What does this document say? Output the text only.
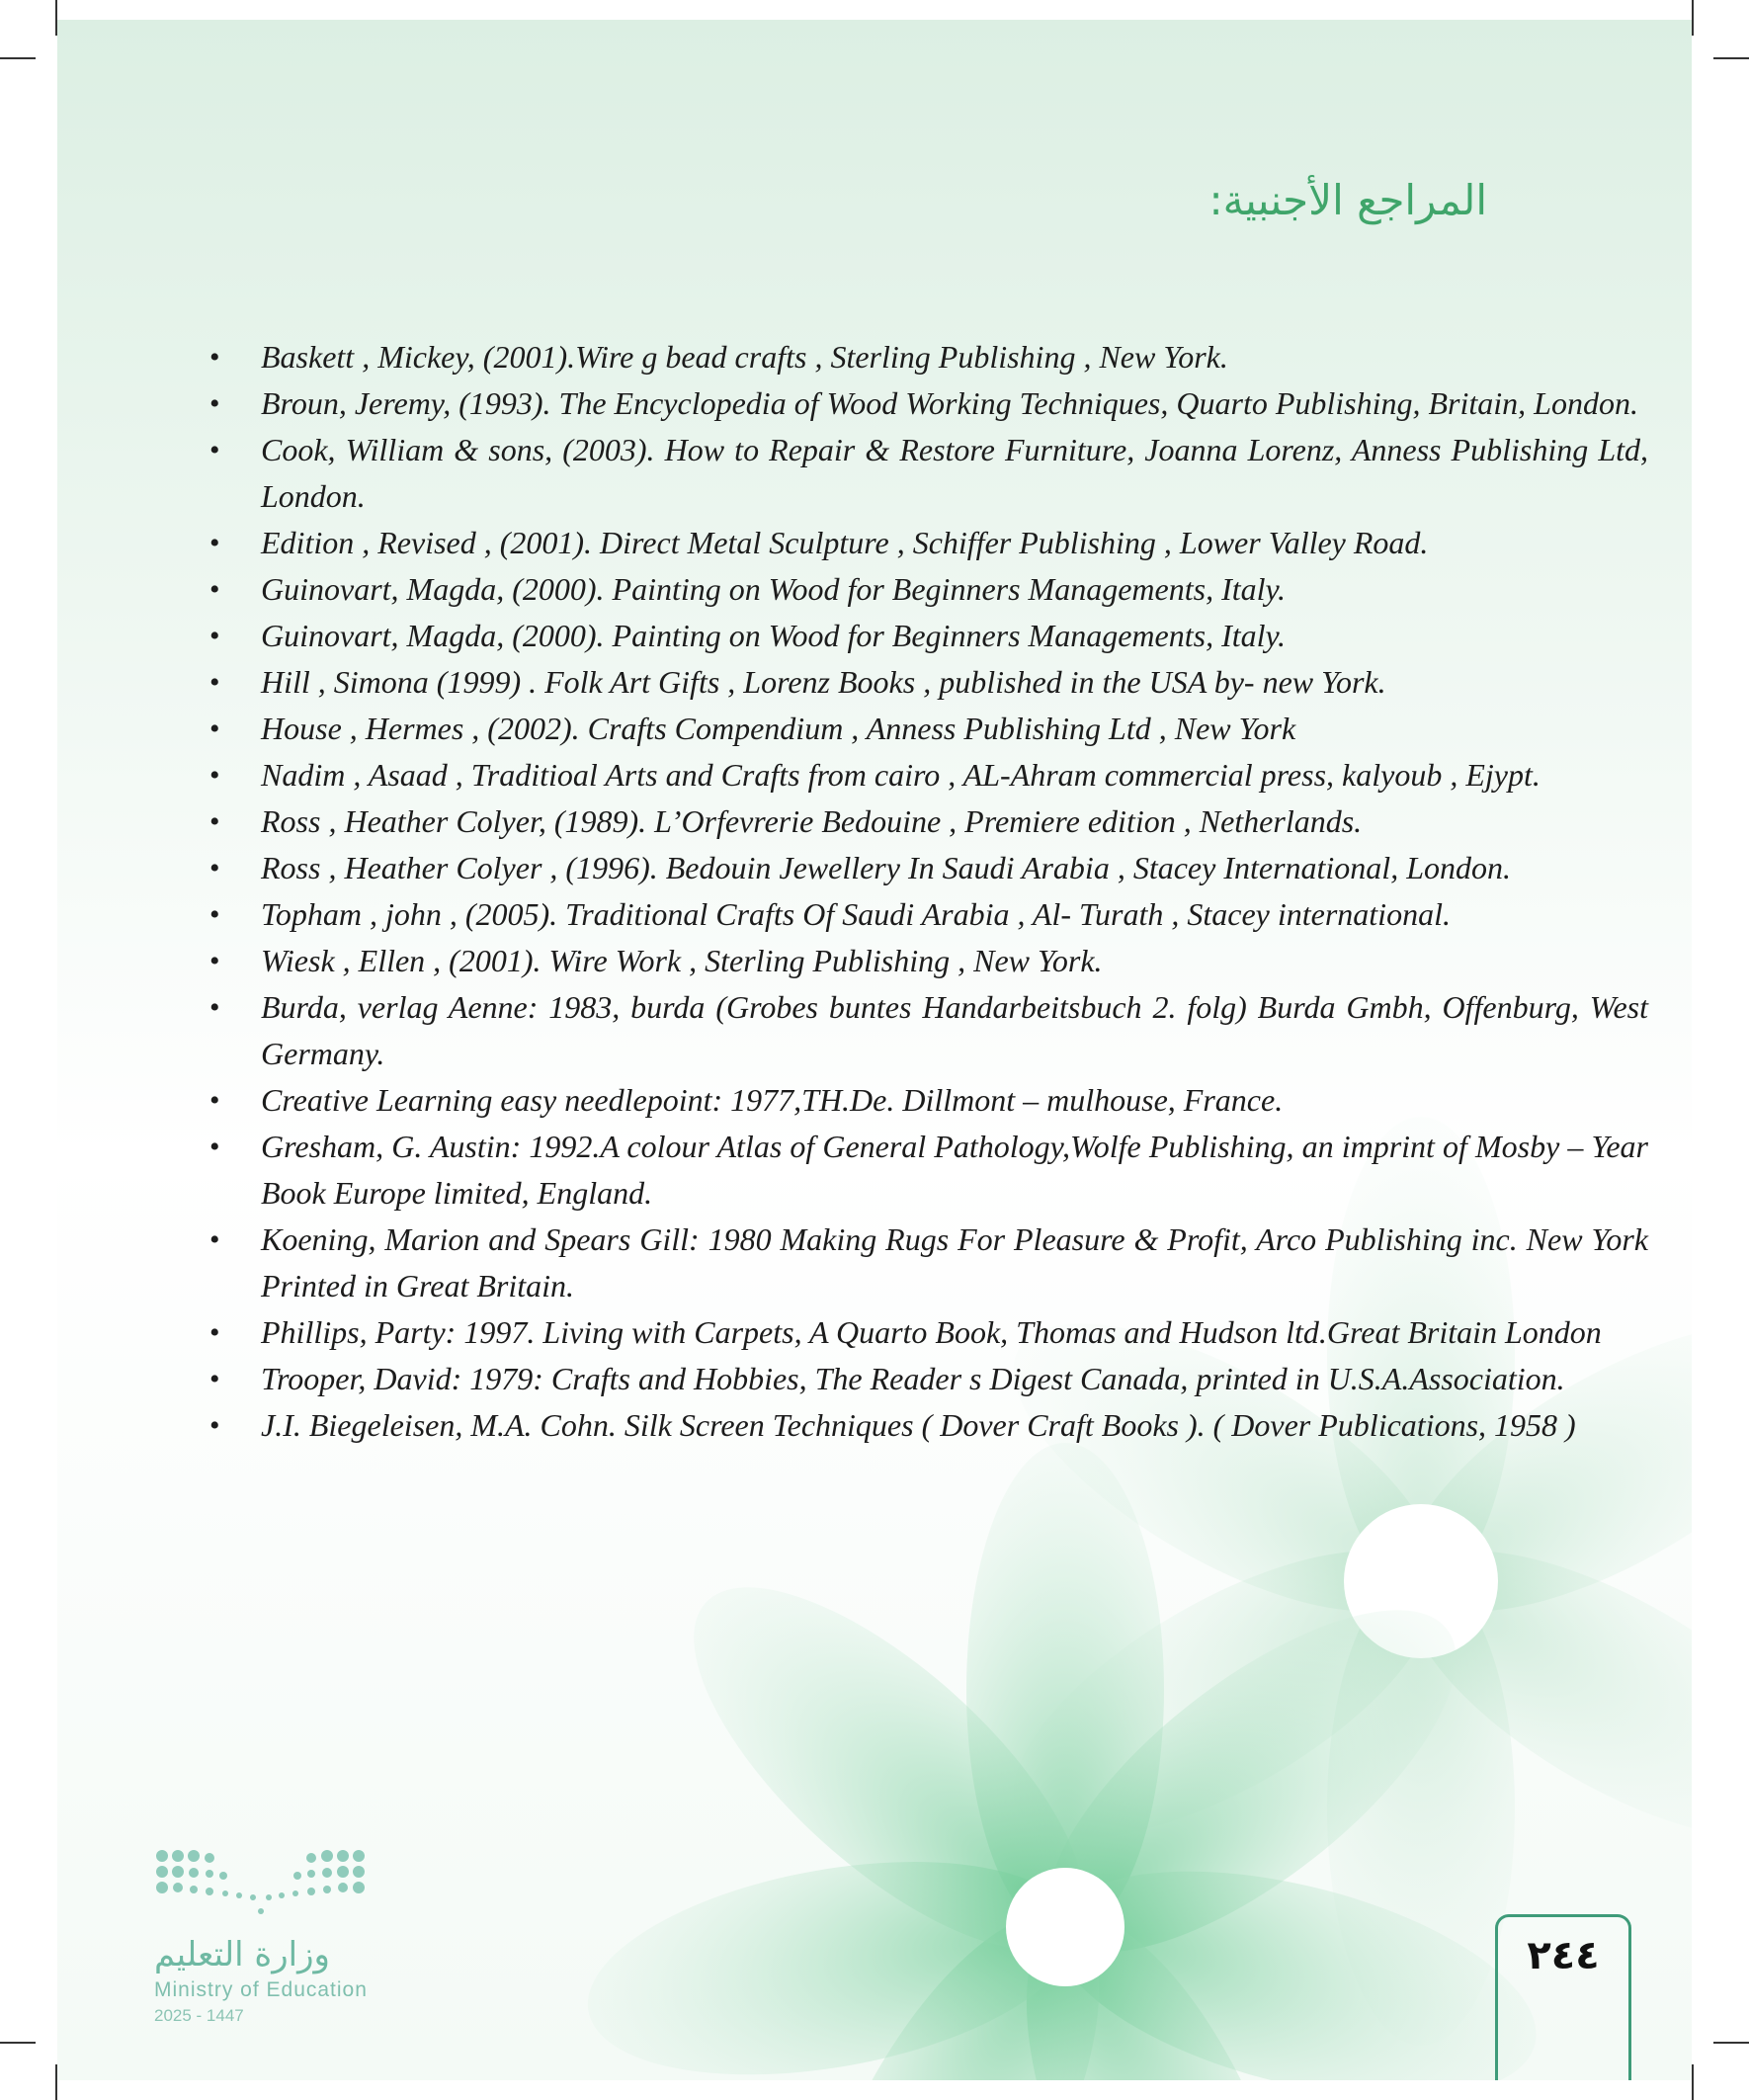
المراجع الأجنبية:
• Baskett , Mickey, (2001).Wire g bead crafts , Sterling Publishing , New York.
• Broun, Jeremy, (1993). The Encyclopedia of Wood Working Techniques, Quarto Publishing, Britain, London.
• Cook, William & sons, (2003). How to Repair & Restore Furniture, Joanna Lorenz, Anness Publishing Ltd, London.
• Edition , Revised , (2001). Direct Metal Sculpture , Schiffer Publishing , Lower Valley Road.
• Guinovart, Magda, (2000). Painting on Wood for Beginners Managements, Italy.
• Guinovart, Magda, (2000). Painting on Wood for Beginners Managements, Italy.
• Hill , Simona (1999) . Folk Art Gifts , Lorenz Books , published in the USA by- new York.
• House , Hermes , (2002). Crafts Compendium , Anness Publishing Ltd , New York
• Nadim , Asaad , Traditioal Arts and Crafts from cairo , AL-Ahram commercial press, kalyoub , Ejypt.
• Ross , Heather Colyer, (1989). L’Orfevrerie Bedouine , Premiere edition , Netherlands.
• Ross , Heather Colyer , (1996). Bedouin Jewellery In Saudi Arabia , Stacey International, London.
• Topham , john , (2005). Traditional Crafts Of Saudi Arabia , Al- Turath , Stacey international.
• Wiesk , Ellen , (2001). Wire Work , Sterling Publishing , New York.
• Burda, verlag Aenne: 1983, burda (Grobes buntes Handarbeitsbuch 2. folg) Burda Gmbh, Offenburg, West Germany.
• Creative Learning easy needlepoint: 1977,TH.De. Dillmont – mulhouse, France.
• Gresham, G. Austin: 1992.A colour Atlas of General Pathology,Wolfe Publishing, an imprint of Mosby – Year Book Europe limited, England.
• Koening, Marion and Spears Gill: 1980 Making Rugs For Pleasure & Profit, Arco Publishing inc. New York Printed in Great Britain.
• Phillips, Party: 1997. Living with Carpets, A Quarto Book, Thomas and Hudson ltd.Great Britain London
• Trooper, David: 1979: Crafts and Hobbies, The Reader s Digest Canada, printed in U.S.A.Association.
• J.I. Biegeleisen, M.A. Cohn. Silk Screen Techniques ( Dover Craft Books ). ( Dover Publications, 1958 )
وزارة التعليم
Ministry of Education
2025 - 1447
٢٤٤
